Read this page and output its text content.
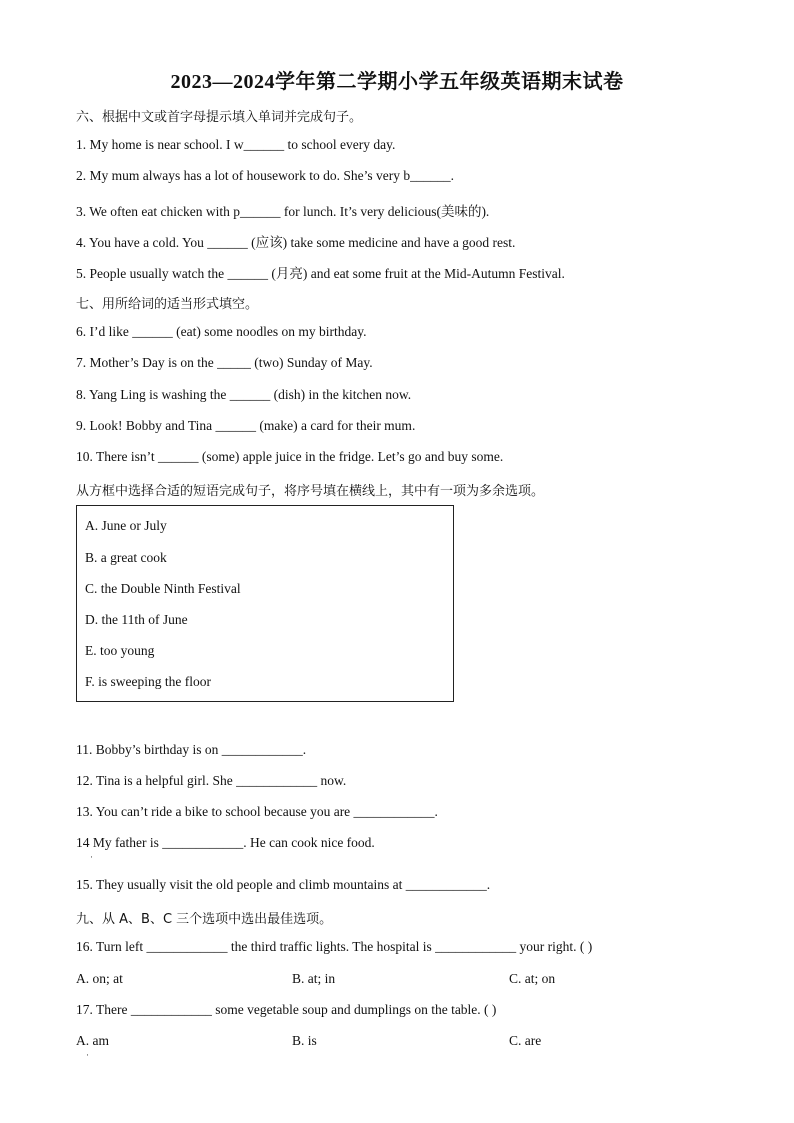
2023—2024学年第二学期小学五年级英语期末试卷
六、根据中文或首字母提示填入单词并完成句子。
1. My home is near school. I w______ to school every day.
2. My mum always has a lot of housework to do. She’s very b______.
3. We often eat chicken with p______ for lunch. It’s very delicious(美味的).
4. You have a cold. You ______ (应该) take some medicine and have a good rest.
5. People usually watch the ______ (月亮) and eat some fruit at the Mid-Autumn Festival.
七、用所给词的适当形式填空。
6. I’d like ______ (eat) some noodles on my birthday.
7. Mother’s Day is on the _____ (two) Sunday of May.
8. Yang Ling is washing the ______ (dish) in the kitchen now.
9. Look! Bobby and Tina ______ (make) a card for their mum.
10. There isn’t ______ (some) apple juice in the fridge. Let’s go and buy some.
从方框中选择合适的短语完成句子，将序号填在横线上，其中有一项为多余选项。
A. June or July
B. a great cook
C. the Double Ninth Festival
D. the 11th of June
E. too young
F. is sweeping the floor
11. Bobby’s birthday is on ____________.
12. Tina is a helpful girl. She ____________ now.
13. You can’t ride a bike to school because you are ____________.
14 My father is ____________. He can cook nice food.
·
15. They usually visit the old people and climb mountains at ____________.
九、从 A、B、C 三个选项中选出最佳选项。
16. Turn left ____________ the third traffic lights. The hospital is ____________ your right. ( )
A. on; at	B. at; in	C. at; on
17. There ____________ some vegetable soup and dumplings on the table. ( )
A. am	B. is	C. are
·
